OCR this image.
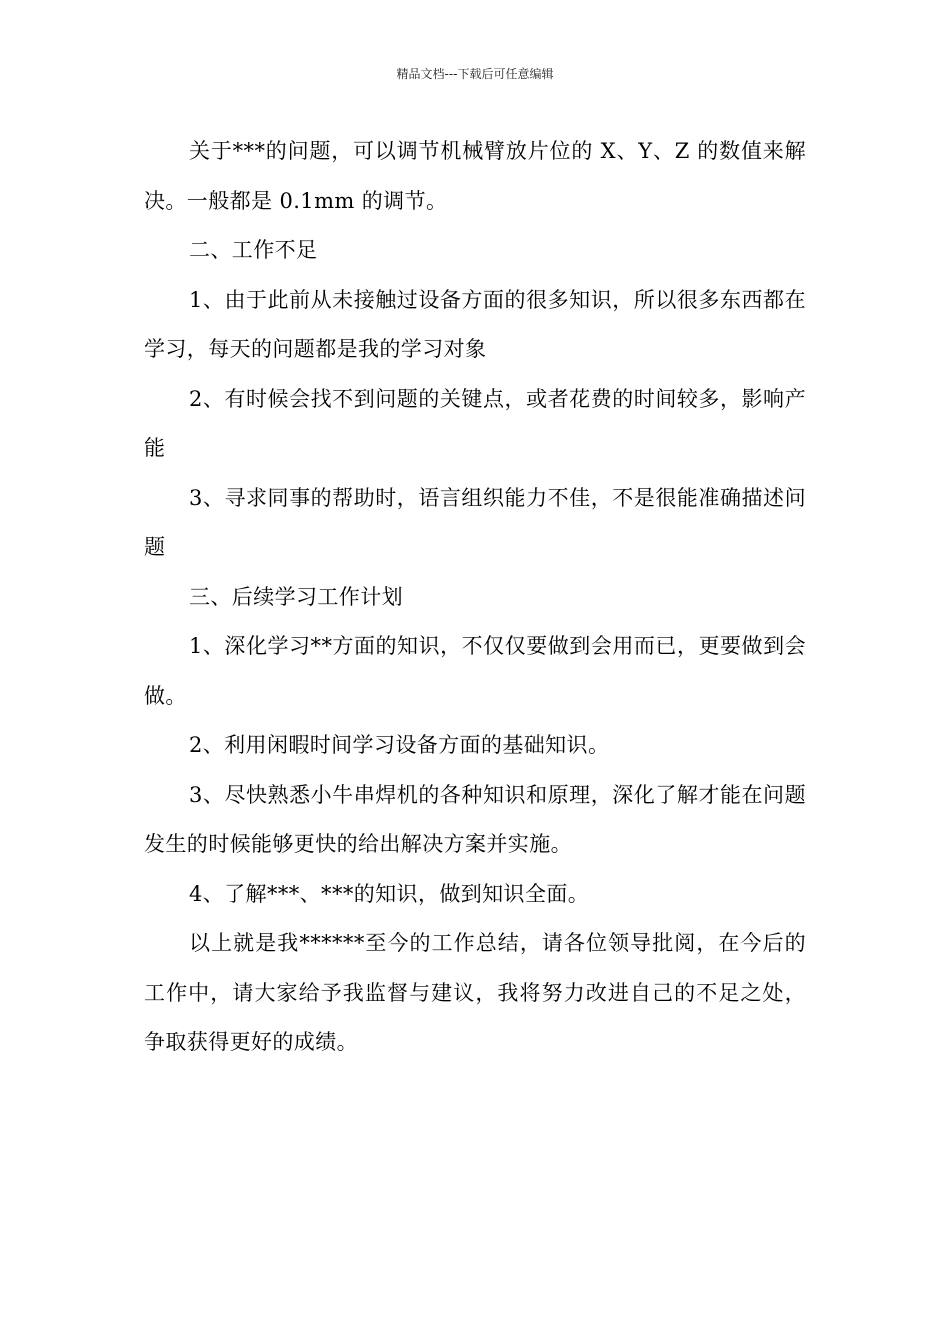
精品文档---下载后可任意编辑

关于***的问题，可以调节机械臂放片位的 X、Y、Z 的数值来解决。一般都是 0.1mm 的调节。

二、工作不足

1、由于此前从未接触过设备方面的很多知识，所以很多东西都在学习，每天的问题都是我的学习对象

2、有时候会找不到问题的关键点，或者花费的时间较多，影响产能

3、寻求同事的帮助时，语言组织能力不佳，不是很能准确描述问题

三、后续学习工作计划

1、深化学习**方面的知识，不仅仅要做到会用而已，更要做到会做。

2、利用闲暇时间学习设备方面的基础知识。

3、尽快熟悉小牛串焊机的各种知识和原理，深化了解才能在问题发生的时候能够更快的给出解决方案并实施。

4、了解***、***的知识，做到知识全面。

以上就是我******至今的工作总结，请各位领导批阅，在今后的工作中，请大家给予我监督与建议，我将努力改进自己的不足之处，争取获得更好的成绩。
